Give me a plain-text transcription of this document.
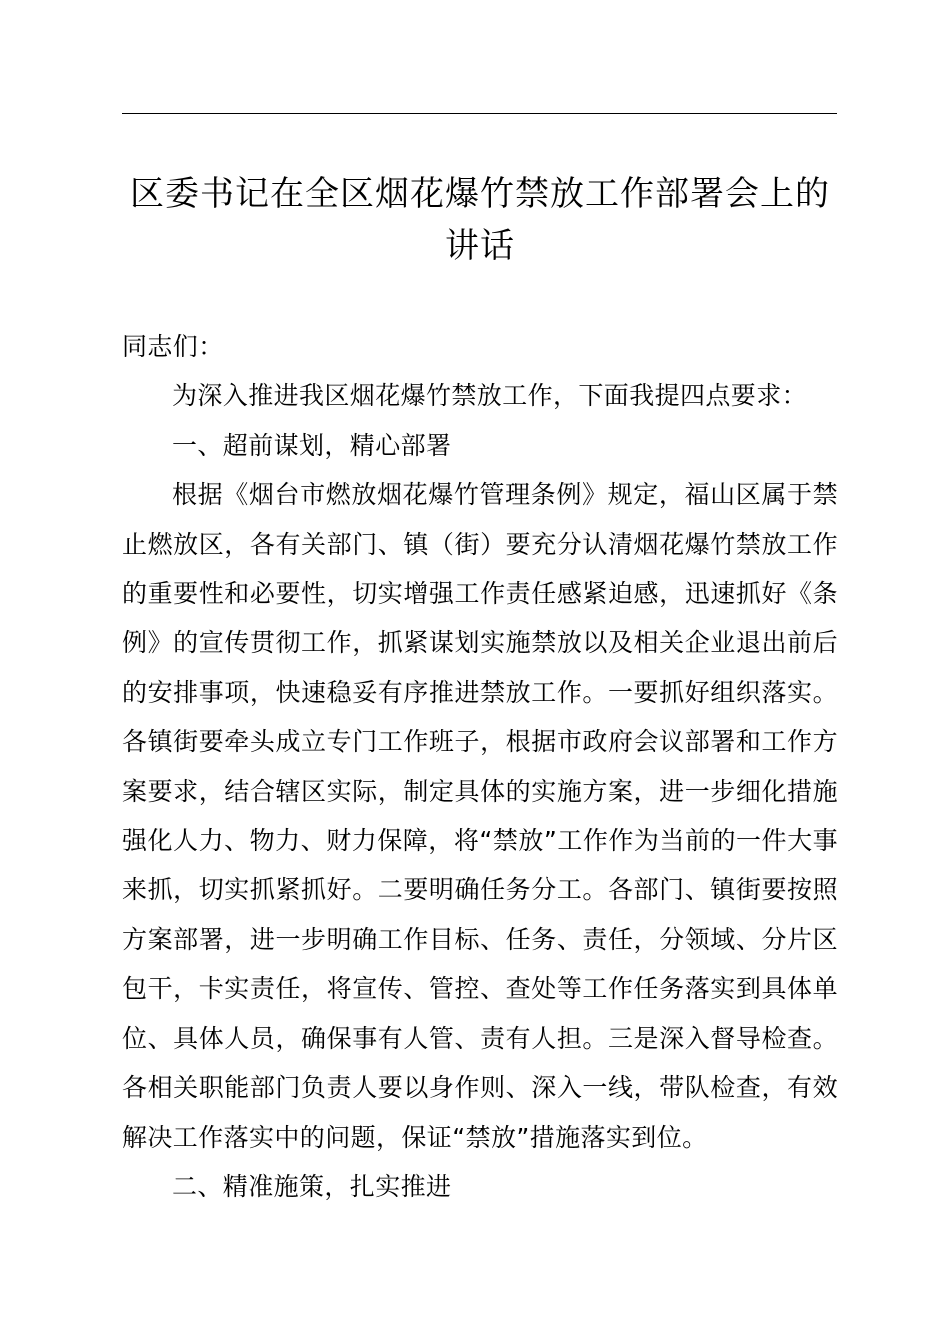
区委书记在全区烟花爆竹禁放工作部署会上的
讲话

同志们：

为深入推进我区烟花爆竹禁放工作，下面我提四点要求：

一、超前谋划，精心部署

根据《烟台市燃放烟花爆竹管理条例》规定，福山区属于禁止燃放区，各有关部门、镇（街）要充分认清烟花爆竹禁放工作的重要性和必要性，切实增强工作责任感紧迫感，迅速抓好《条例》的宣传贯彻工作，抓紧谋划实施禁放以及相关企业退出前后的安排事项，快速稳妥有序推进禁放工作。一要抓好组织落实。各镇街要牵头成立专门工作班子，根据市政府会议部署和工作方案要求，结合辖区实际，制定具体的实施方案，进一步细化措施强化人力、物力、财力保障，将“禁放”工作作为当前的一件大事来抓，切实抓紧抓好。二要明确任务分工。各部门、镇街要按照方案部署，进一步明确工作目标、任务、责任，分领域、分片区包干，卡实责任，将宣传、管控、查处等工作任务落实到具体单位、具体人员，确保事有人管、责有人担。三是深入督导检查。各相关职能部门负责人要以身作则、深入一线，带队检查，有效解决工作落实中的问题，保证“禁放”措施落实到位。

二、精准施策，扎实推进
